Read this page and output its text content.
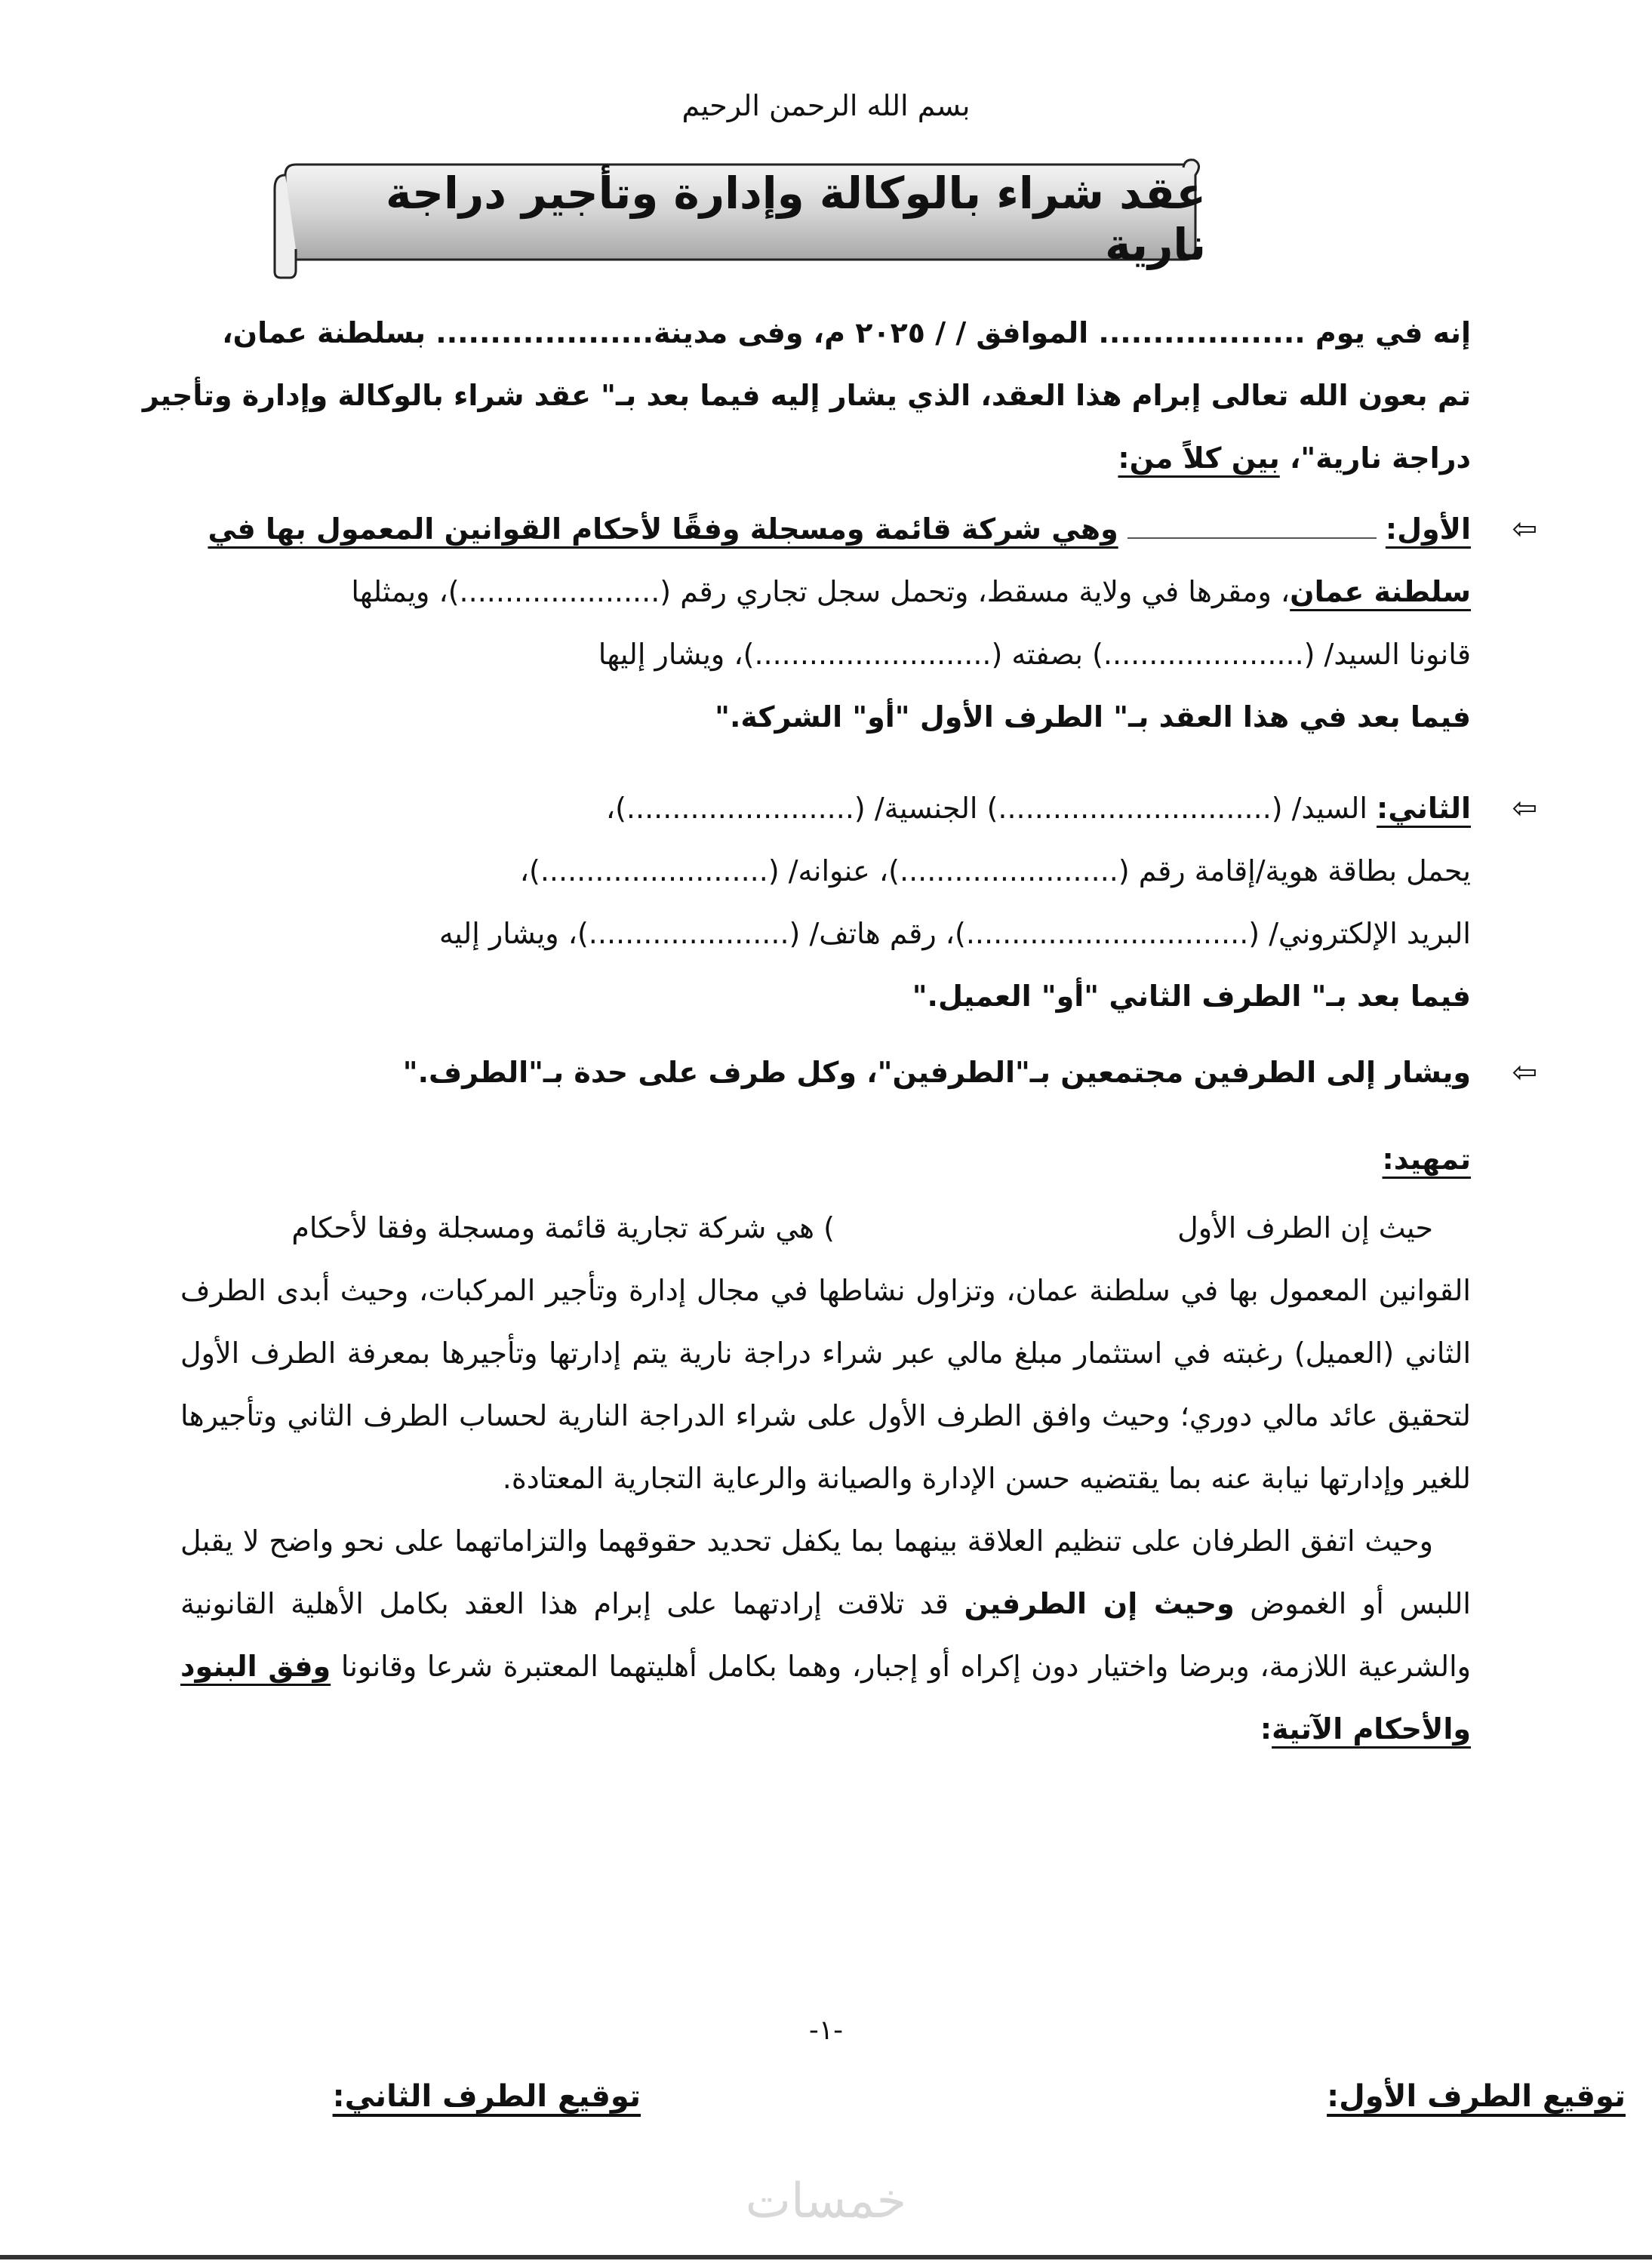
بسم الله الرحمن الرحيم
عقد شراء بالوكالة وإدارة وتأجير دراجة نارية
إنه في يوم ................... الموافق / / ٢٠٢٥ م، وفى مدينة.................... بسلطنة عمان،
تم بعون الله تعالى إبرام هذا العقد، الذي يشار إليه فيما بعد بـ" عقد شراء بالوكالة وإدارة وتأجير
دراجة نارية"، بين كلاً من:
⇦
الأول:  وهي شركة قائمة ومسجلة وفقًا لأحكام القوانين المعمول بها في
سلطنة عمان، ومقرها في ولاية مسقط، وتحمل سجل تجاري رقم (......................)، ويمثلها
قانونا السيد/ (......................) بصفته (..........................)، ويشار إليها
فيما بعد في هذا العقد بـ" الطرف الأول "أو" الشركة."
⇦
الثاني: السيد/ (..............................) الجنسية/ (.........................)،
يحمل بطاقة هوية/إقامة رقم (........................)، عنوانه/ (.........................)،
البريد الإلكتروني/ (...............................)، رقم هاتف/ (......................)، ويشار إليه
فيما بعد بـ" الطرف الثاني "أو" العميل."
⇦
ويشار إلى الطرفين مجتمعين بـ"الطرفين"، وكل طرف على حدة بـ"الطرف."
تمهيد:
حيث إن الطرف الأول  ) هي شركة تجارية قائمة ومسجلة وفقا لأحكام
القوانين المعمول بها في سلطنة عمان، وتزاول نشاطها في مجال إدارة وتأجير المركبات، وحيث أبدى الطرف الثاني (العميل) رغبته في استثمار مبلغ مالي عبر شراء دراجة نارية يتم إدارتها وتأجيرها بمعرفة الطرف الأول لتحقيق عائد مالي دوري؛ وحيث وافق الطرف الأول على شراء الدراجة النارية لحساب الطرف الثاني وتأجيرها للغير وإدارتها نيابة عنه بما يقتضيه حسن الإدارة والصيانة والرعاية التجارية المعتادة.
وحيث اتفق الطرفان على تنظيم العلاقة بينهما بما يكفل تحديد حقوقهما والتزاماتهما على نحو واضح لا يقبل اللبس أو الغموض وحيث إن الطرفين قد تلاقت إرادتهما على إبرام هذا العقد بكامل الأهلية القانونية والشرعية اللازمة، وبرضا واختيار دون إكراه أو إجبار، وهما بكامل أهليتهما المعتبرة شرعا وقانونا وفق البنود والأحكام الآتية:
-١-
توقيع الطرف الأول:
توقيع الطرف الثاني:
خمسات
